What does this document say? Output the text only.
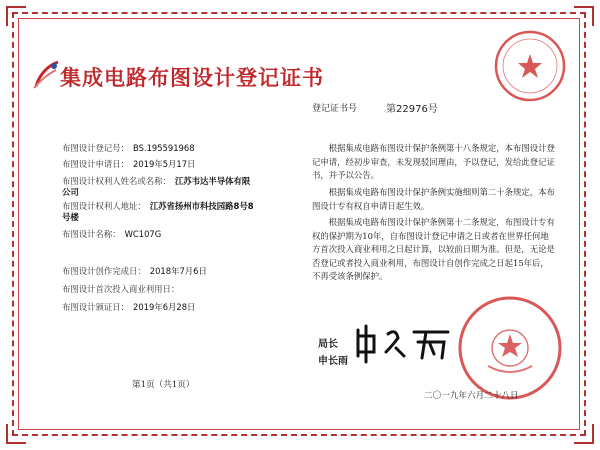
集成电路布图设计登记证书
登记证书号	第22976号
布图设计登记号： BS.195591968
布图设计申请日： 2019年5月17日
布图设计权利人姓名或名称： 江苏韦达半导体有限
公司
布图设计权利人地址： 江苏省扬州市科技园路8号8
号楼
布图设计名称： WC107G
布图设计创作完成日： 2018年7月6日
布图设计首次投入商业利用日：
布图设计颁证日： 2019年6月28日
根据集成电路布图设计保护条例第十八条规定，本布图设计登记申请，经初步审查，未发现驳回理由，予以登记，发给此登记证书，并予以公告。
根据集成电路布图设计保护条例实施细则第二十条规定，本布图设计专有权自申请日起生效。
根据集成电路布图设计保护条例第十二条规定，布图设计专有权的保护期为10年，自布图设计登记申请之日或者在世界任何地方首次投入商业利用之日起计算，以较前日期为准。但是，无论是否登记或者投入商业利用，布图设计自创作完成之日起15年后，不再受该条例保护。
局长
申长雨
二〇一九年六月二十八日
第1页（共1页）
